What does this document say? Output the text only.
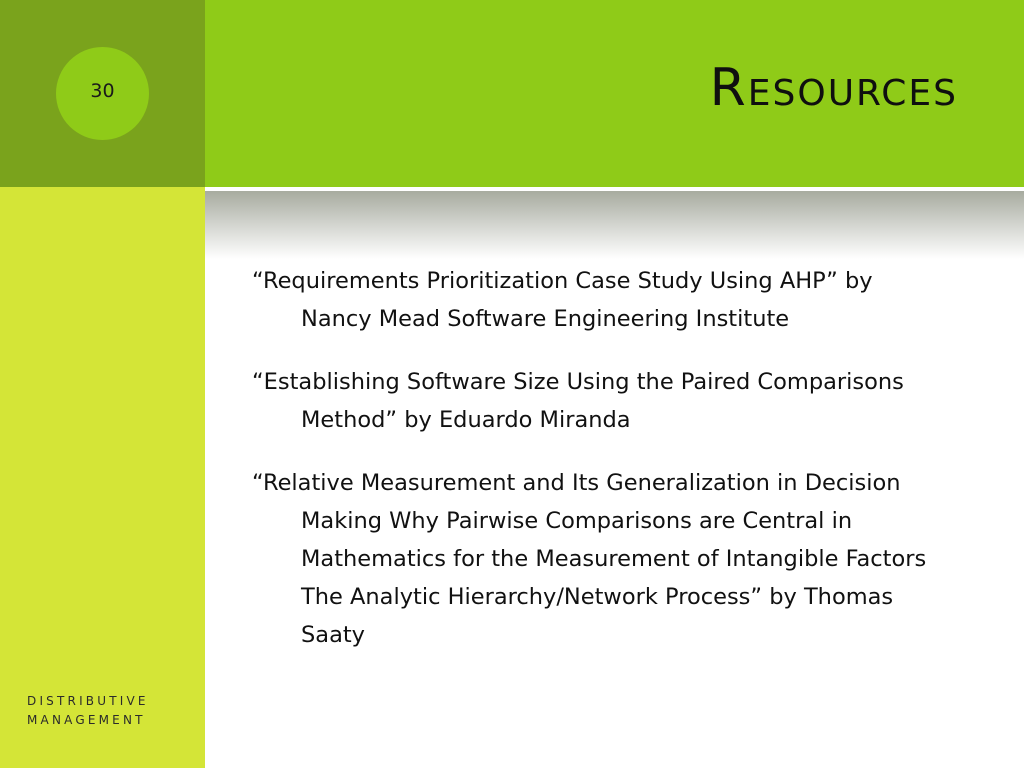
30	Resources
“Requirements Prioritization Case Study Using AHP” by Nancy Mead Software Engineering Institute
“Establishing Software Size Using the Paired Comparisons Method” by Eduardo Miranda
“Relative Measurement and Its Generalization in Decision Making Why Pairwise Comparisons are Central in Mathematics for the Measurement of Intangible Factors The Analytic Hierarchy/Network Process” by Thomas Saaty
DISTRIBUTIVE
MANAGEMENT
